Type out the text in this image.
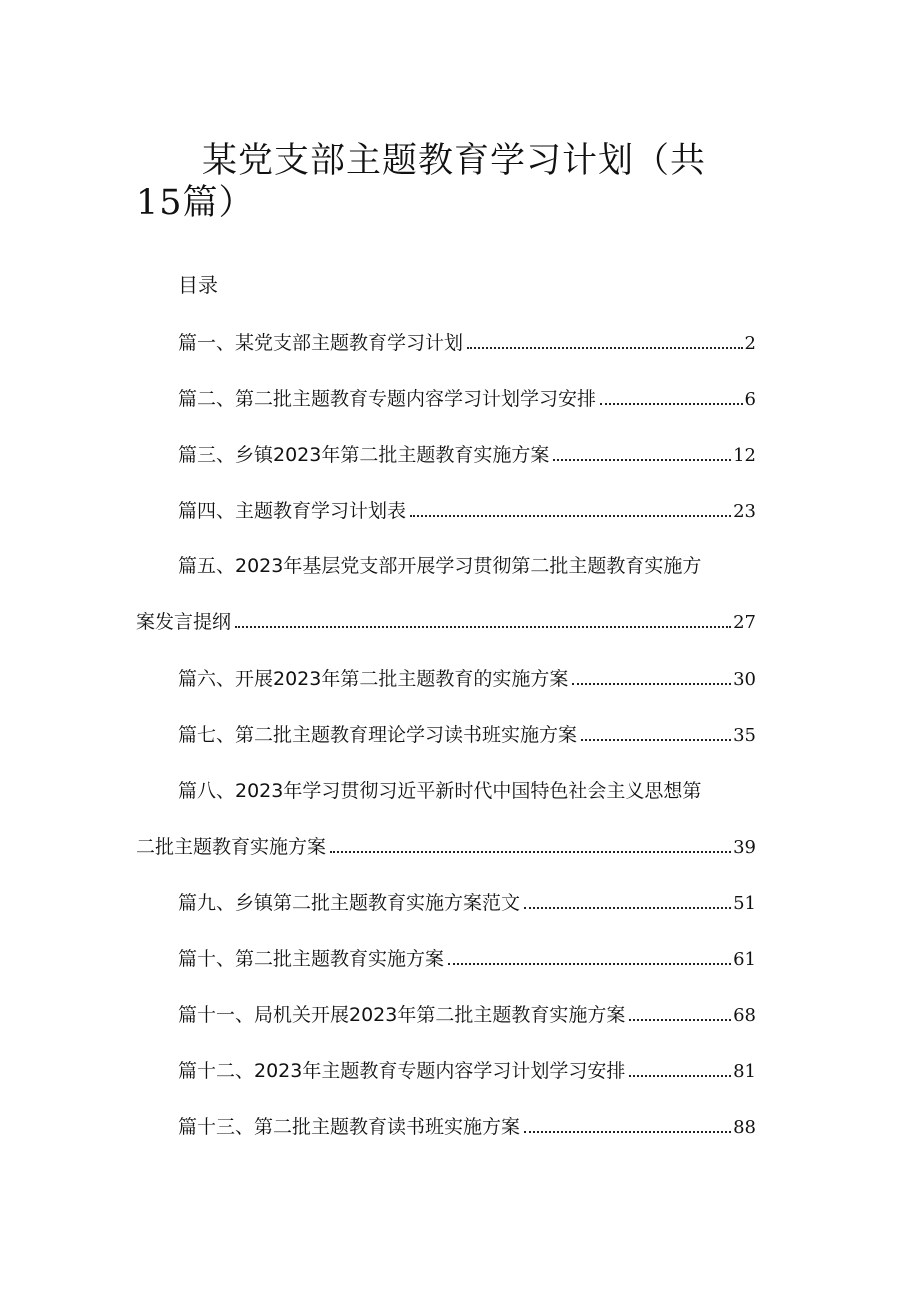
某党支部主题教育学习计划（共15篇）
目录
篇一、某党支部主题教育学习计划	2
篇二、第二批主题教育专题内容学习计划学习安排	6
篇三、乡镇2023年第二批主题教育实施方案	12
篇四、主题教育学习计划表	23
篇五、2023年基层党支部开展学习贯彻第二批主题教育实施方
案发言提纲	27
篇六、开展2023年第二批主题教育的实施方案	30
篇七、第二批主题教育理论学习读书班实施方案	35
篇八、2023年学习贯彻习近平新时代中国特色社会主义思想第
二批主题教育实施方案	39
篇九、乡镇第二批主题教育实施方案范文	51
篇十、第二批主题教育实施方案	61
篇十一、局机关开展2023年第二批主题教育实施方案	68
篇十二、2023年主题教育专题内容学习计划学习安排	81
篇十三、第二批主题教育读书班实施方案	88
